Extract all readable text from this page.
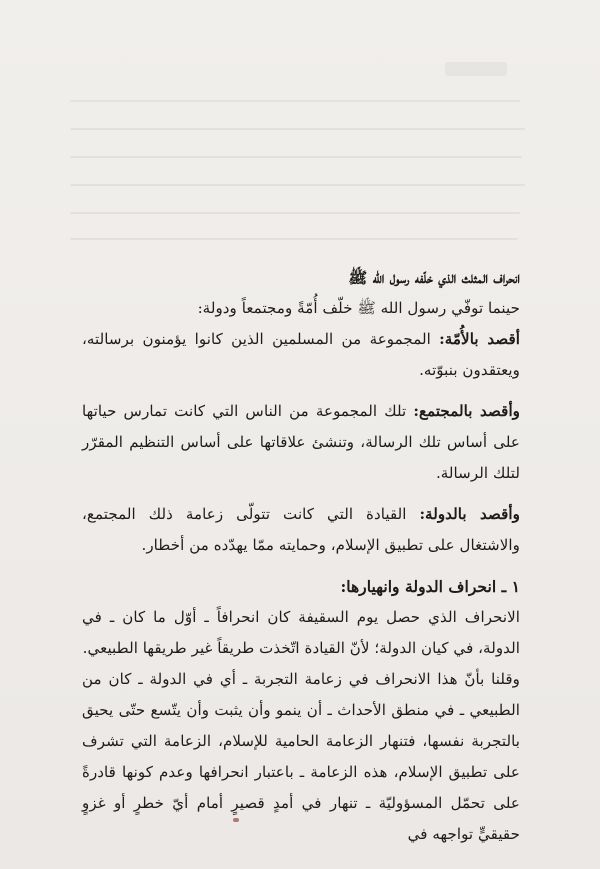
انحراف المثلث الذي خلّفه رسول الله ﷺ

حينما توفّي رسول الله ﷺ خلّف أُمّةً ومجتمعاً ودولة:

أقصد بالأُمّة: المجموعة من المسلمين الذين كانوا يؤمنون برسالته، ويعتقدون بنبوّته.

وأقصد بالمجتمع: تلك المجموعة من الناس التي كانت تمارس حياتها على أساس تلك الرسالة، وتنشئ علاقاتها على أساس التنظيم المقرّر لتلك الرسالة.

وأقصد بالدولة: القيادة التي كانت تتولّى زعامة ذلك المجتمع، والاشتغال على تطبيق الإسلام، وحمايته ممّا يهدّده من أخطار.

١ ـ انحراف الدولة وانهيارها:

الانحراف الذي حصل يوم السقيفة كان انحرافاً ـ أوّل ما كان ـ في الدولة، في كيان الدولة؛ لأنّ القيادة اتّخذت طريقاً غير طريقها الطبيعي.

وقلنا بأنّ هذا الانحراف في زعامة التجربة ـ أي في الدولة ـ كان من الطبيعي ـ في منطق الأحداث ـ أن ينمو وأن يثبت وأن يتّسع حتّى يحيق بالتجربة نفسها، فتنهار الزعامة الحامية للإسلام، الزعامة التي تشرف على تطبيق الإسلام، هذه الزعامة ـ باعتبار انحرافها وعدم كونها قادرةً على تحمّل المسؤوليّة ـ تنهار في أمدٍ قصيرٍ أمام أيّ خطرٍ أو غزوٍ حقيقيٍّ تواجهه في
